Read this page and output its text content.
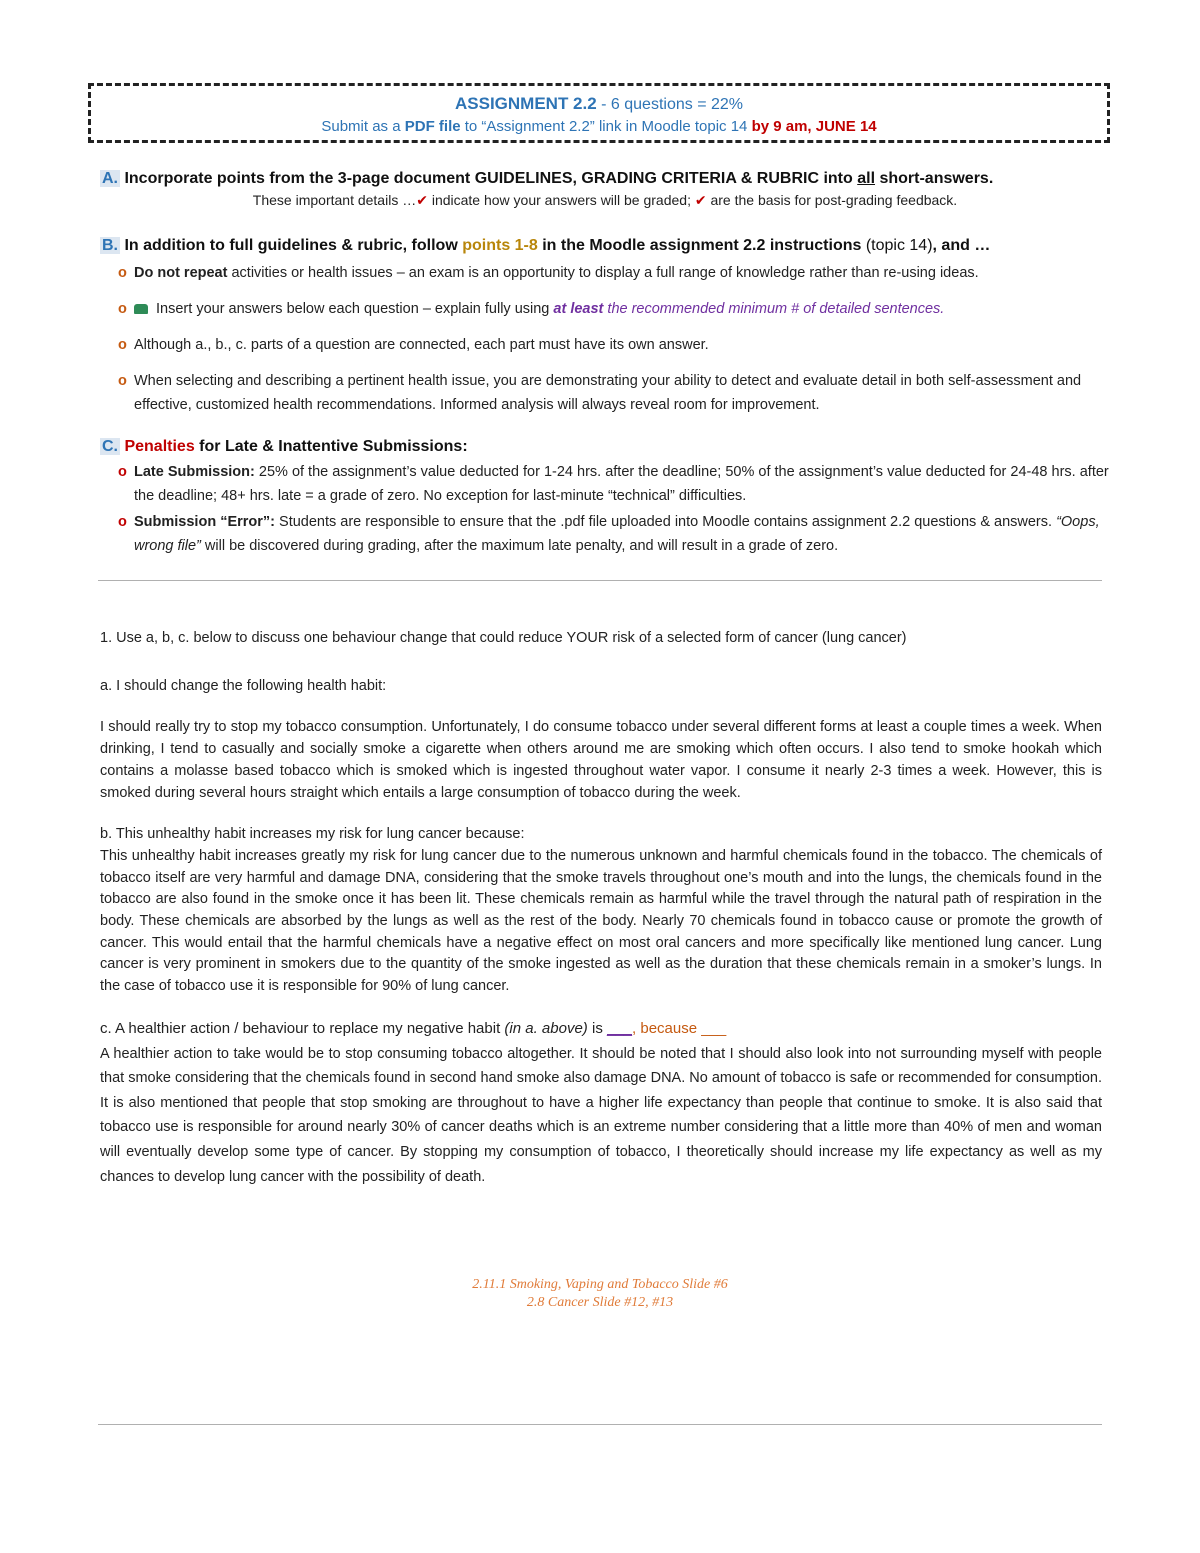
ASSIGNMENT 2.2 - 6 questions = 22%
Submit as a PDF file to “Assignment 2.2” link in Moodle topic 14 by 9 am, JUNE 14
A. Incorporate points from the 3-page document GUIDELINES, GRADING CRITERIA & RUBRIC into all short-answers.
These important details …✔ indicate how your answers will be graded; ✔ are the basis for post-grading feedback.
B. In addition to full guidelines & rubric, follow points 1-8 in the Moodle assignment 2.2 instructions (topic 14), and …
o Do not repeat activities or health issues – an exam is an opportunity to display a full range of knowledge rather than re-using ideas.
o Insert your answers below each question – explain fully using at least the recommended minimum # of detailed sentences.
o Although a., b., c. parts of a question are connected, each part must have its own answer.
o When selecting and describing a pertinent health issue, you are demonstrating your ability to detect and evaluate detail in both self-assessment and effective, customized health recommendations. Informed analysis will always reveal room for improvement.
C. Penalties for Late & Inattentive Submissions:
o Late Submission: 25% of the assignment’s value deducted for 1-24 hrs. after the deadline; 50% of the assignment’s value deducted for 24-48 hrs. after the deadline; 48+ hrs. late = a grade of zero. No exception for last-minute “technical” difficulties.
o Submission “Error”: Students are responsible to ensure that the .pdf file uploaded into Moodle contains assignment 2.2 questions & answers. “Oops, wrong file” will be discovered during grading, after the maximum late penalty, and will result in a grade of zero.

1. Use a, b, c. below to discuss one behaviour change that could reduce YOUR risk of a selected form of cancer (lung cancer)

a. I should change the following health habit:

I should really try to stop my tobacco consumption. Unfortunately, I do consume tobacco under several different forms at least a couple times a week. When drinking, I tend to casually and socially smoke a cigarette when others around me are smoking which often occurs. I also tend to smoke hookah which contains a molasse based tobacco which is smoked which is ingested throughout water vapor. I consume it nearly 2-3 times a week. However, this is smoked during several hours straight which entails a large consumption of tobacco during the week.

b. This unhealthy habit increases my risk for lung cancer because:

This unhealthy habit increases greatly my risk for lung cancer due to the numerous unknown and harmful chemicals found in the tobacco. The chemicals of tobacco itself are very harmful and damage DNA, considering that the smoke travels throughout one’s mouth and into the lungs, the chemicals found in the tobacco are also found in the smoke once it has been lit. These chemicals remain as harmful while the travel through the natural path of respiration in the body. These chemicals are absorbed by the lungs as well as the rest of the body. Nearly 70 chemicals found in tobacco cause or promote the growth of cancer. This would entail that the harmful chemicals have a negative effect on most oral cancers and more specifically like mentioned lung cancer. Lung cancer is very prominent in smokers due to the quantity of the smoke ingested as well as the duration that these chemicals remain in a smoker’s lungs. In the case of tobacco use it is responsible for 90% of lung cancer.

c. A healthier action / behaviour to replace my negative habit (in a. above) is ___, because ___

A healthier action to take would be to stop consuming tobacco altogether. It should be noted that I should also look into not surrounding myself with people that smoke considering that the chemicals found in second hand smoke also damage DNA. No amount of tobacco is safe or recommended for consumption. It is also mentioned that people that stop smoking are throughout to have a higher life expectancy than people that continue to smoke. It is also said that tobacco use is responsible for around nearly 30% of cancer deaths which is an extreme number considering that a little more than 40% of men and woman will eventually develop some type of cancer. By stopping my consumption of tobacco, I theoretically should increase my life expectancy as well as my chances to develop lung cancer with the possibility of death.

2.11.1 Smoking, Vaping and Tobacco Slide #6
2.8 Cancer Slide #12, #13
